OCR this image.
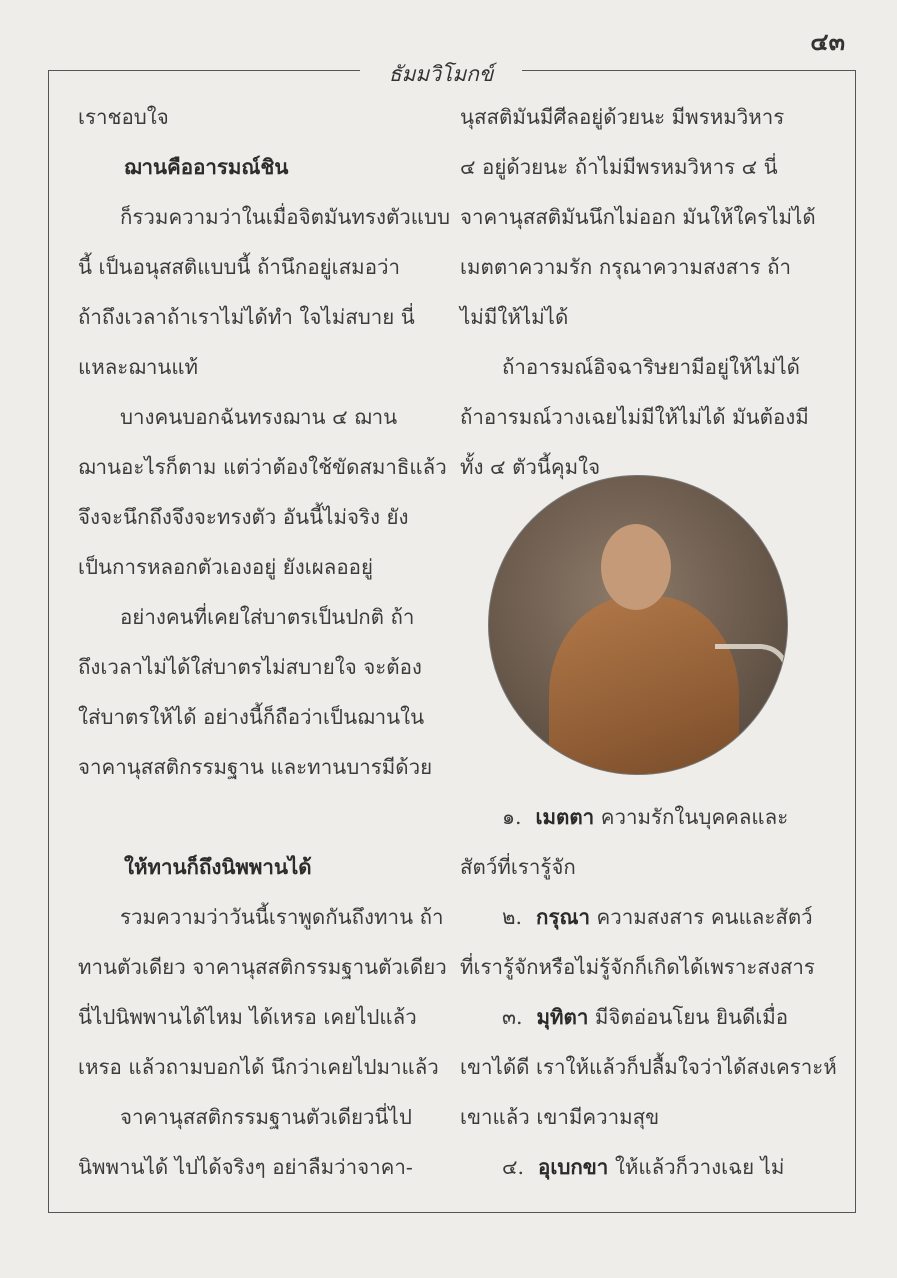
๔๓
ธัมมวิโมกข์
เราชอบใจ
ฌานคืออารมณ์ชิน
ก็รวมความว่าในเมื่อจิตมันทรงตัวแบบ
นี้ เป็นอนุสสติแบบนี้ ถ้านึกอยู่เสมอว่า
ถ้าถึงเวลาถ้าเราไม่ได้ทำ ใจไม่สบาย นี่
แหละฌานแท้
บางคนบอกฉันทรงฌาน ๔ ฌาน
ฌานอะไรก็ตาม แต่ว่าต้องใช้ขัดสมาธิแล้ว
จึงจะนึกถึงจึงจะทรงตัว อันนี้ไม่จริง ยัง
เป็นการหลอกตัวเองอยู่ ยังเผลออยู่
อย่างคนที่เคยใส่บาตรเป็นปกติ ถ้า
ถึงเวลาไม่ได้ใส่บาตรไม่สบายใจ จะต้อง
ใส่บาตรให้ได้ อย่างนี้ก็ถือว่าเป็นฌานใน
จาคานุสสติกรรมฐาน และทานบารมีด้วย
ให้ทานก็ถึงนิพพานได้
รวมความว่าวันนี้เราพูดกันถึงทาน ถ้า
ทานตัวเดียว จาคานุสสติกรรมฐานตัวเดียว
นี่ไปนิพพานได้ไหม ได้เหรอ เคยไปแล้ว
เหรอ แล้วถามบอกได้ นึกว่าเคยไปมาแล้ว
จาคานุสสติกรรมฐานตัวเดียวนี่ไป
นิพพานได้ ไปได้จริงๆ อย่าลืมว่าจาคา-
นุสสติมันมีศีลอยู่ด้วยนะ มีพรหมวิหาร
๔ อยู่ด้วยนะ ถ้าไม่มีพรหมวิหาร ๔ นี่
จาคานุสสติมันนึกไม่ออก มันให้ใครไม่ได้
เมตตาความรัก กรุณาความสงสาร ถ้า
ไม่มีให้ไม่ได้
ถ้าอารมณ์อิจฉาริษยามีอยู่ให้ไม่ได้
ถ้าอารมณ์วางเฉยไม่มีให้ไม่ได้ มันต้องมี
ทั้ง ๔ ตัวนี้คุมใจ
๑. เมตตา ความรักในบุคคลและ
สัตว์ที่เรารู้จัก
๒. กรุณา ความสงสาร คนและสัตว์
ที่เรารู้จักหรือไม่รู้จักก็เกิดได้เพราะสงสาร
๓. มุทิตา มีจิตอ่อนโยน ยินดีเมื่อ
เขาได้ดี เราให้แล้วก็ปลื้มใจว่าได้สงเคราะห์
เขาแล้ว เขามีความสุข
๔. อุเบกขา ให้แล้วก็วางเฉย ไม่
